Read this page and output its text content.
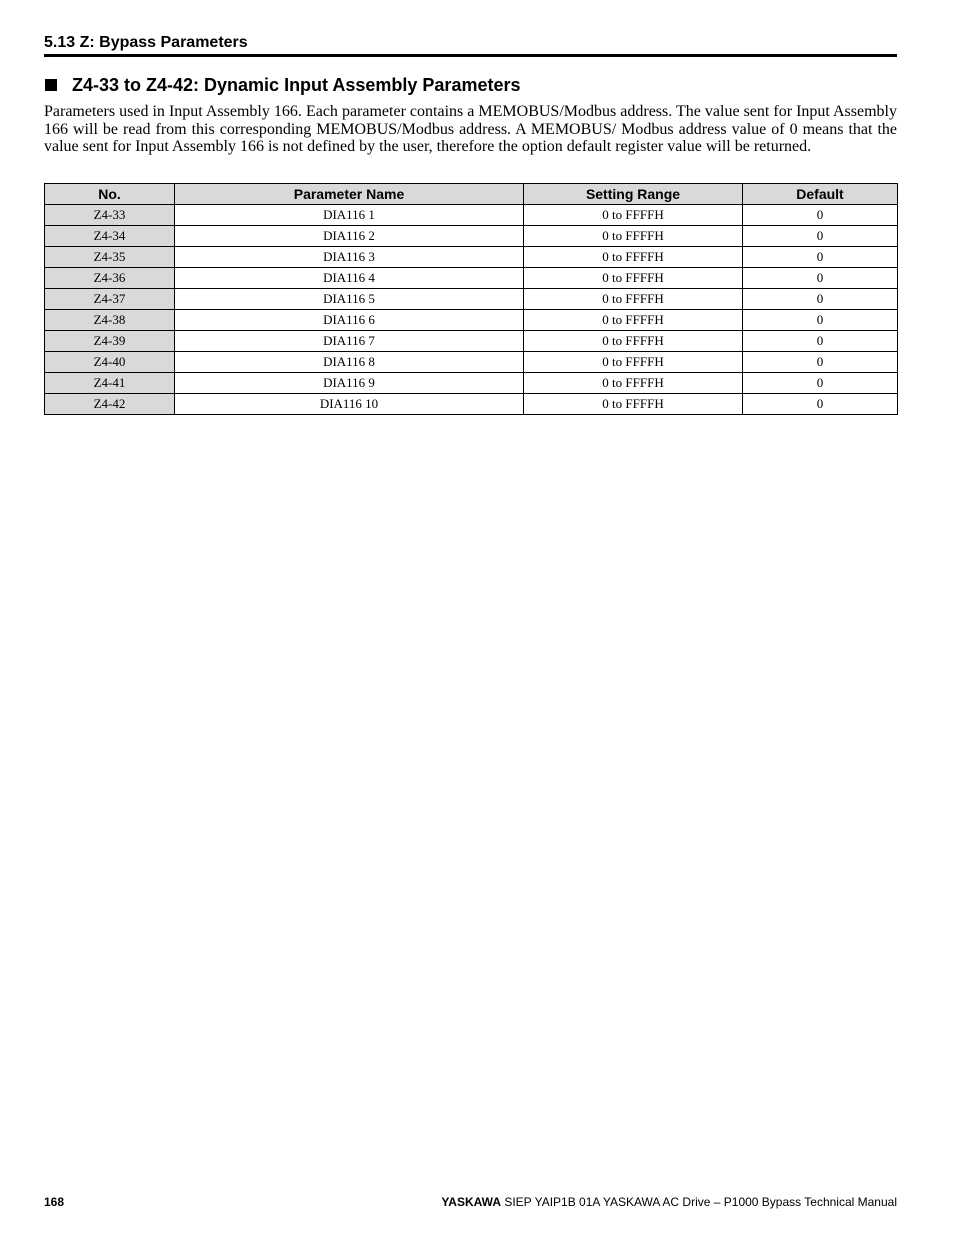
5.13 Z: Bypass Parameters
Z4-33 to Z4-42: Dynamic Input Assembly Parameters

Parameters used in Input Assembly 166. Each parameter contains a MEMOBUS/Modbus address. The value sent for Input Assembly 166 will be read from this corresponding MEMOBUS/Modbus address. A MEMOBUS/ Modbus address value of 0 means that the value sent for Input Assembly 166 is not defined by the user, therefore the option default register value will be returned.

No.	Parameter Name	Setting Range	Default
Z4-33	DIA116 1	0 to FFFFH	0
Z4-34	DIA116 2	0 to FFFFH	0
Z4-35	DIA116 3	0 to FFFFH	0
Z4-36	DIA116 4	0 to FFFFH	0
Z4-37	DIA116 5	0 to FFFFH	0
Z4-38	DIA116 6	0 to FFFFH	0
Z4-39	DIA116 7	0 to FFFFH	0
Z4-40	DIA116 8	0 to FFFFH	0
Z4-41	DIA116 9	0 to FFFFH	0
Z4-42	DIA116 10	0 to FFFFH	0
168	YASKAWA SIEP YAIP1B 01A YASKAWA AC Drive – P1000 Bypass Technical Manual
